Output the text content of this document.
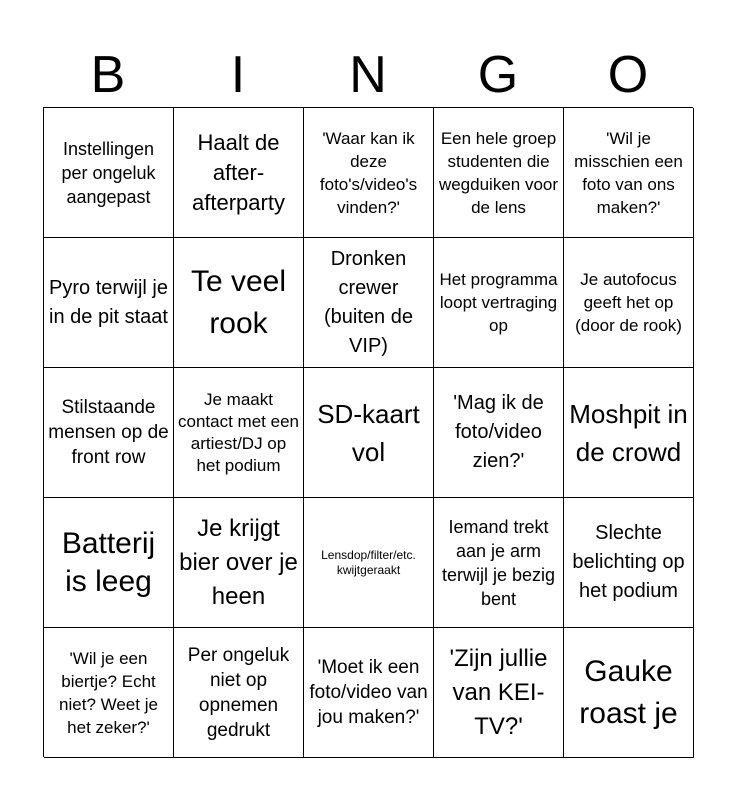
B	I	N	G	O
Instellingen per ongeluk aangepast
Haalt de after-afterparty
'Waar kan ik deze foto's/video's vinden?'
Een hele groep studenten die wegduiken voor de lens
'Wil je misschien een foto van ons maken?'
Pyro terwijl je in de pit staat
Te veel rook
Dronken crewer (buiten de VIP)
Het programma loopt vertraging op
Je autofocus geeft het op (door de rook)
Stilstaande mensen op de front row
Je maakt contact met een artiest/DJ op het podium
SD-kaart vol
'Mag ik de foto/video zien?'
Moshpit in de crowd
Batterij is leeg
Je krijgt bier over je heen
Lensdop/filter/etc. kwijtgeraakt
Iemand trekt aan je arm terwijl je bezig bent
Slechte belichting op het podium
'Wil je een biertje? Echt niet? Weet je het zeker?'
Per ongeluk niet op opnemen gedrukt
'Moet ik een foto/video van jou maken?'
'Zijn jullie van KEI-TV?'
Gauke roast je
